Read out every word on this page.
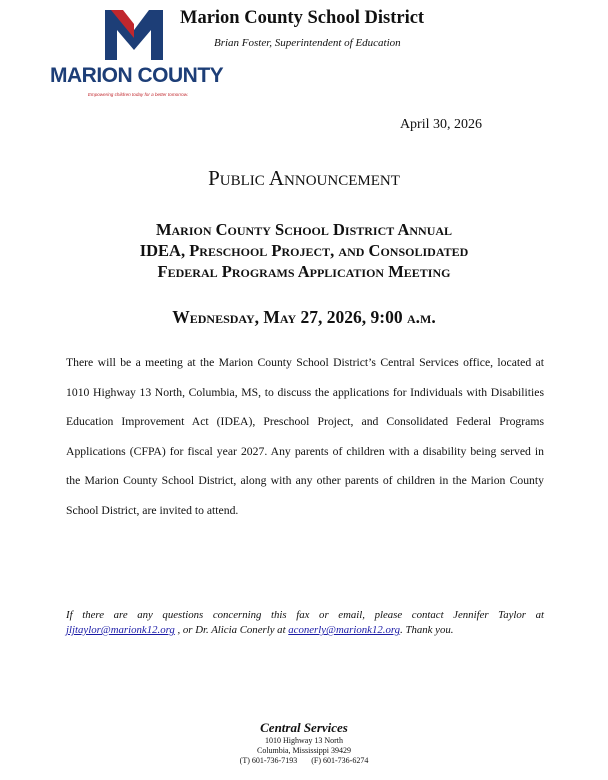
MARION COUNTY
Empowering children today for a better tomorrow.
Marion County School District
Brian Foster, Superintendent of Education
April 30, 2026
Public Announcement
Marion County School District Annual
IDEA, Preschool Project, and Consolidated
Federal Programs Application Meeting
Wednesday, May 27, 2026, 9:00 a.m.
There will be a meeting at the Marion County School District’s Central Services office, located at 1010 Highway 13 North, Columbia, MS, to discuss the applications for Individuals with Disabilities Education Improvement Act (IDEA), Preschool Project, and Consolidated Federal Programs Applications (CFPA) for fiscal year 2027. Any parents of children with a disability being served in the Marion County School District, along with any other parents of children in the Marion County School District, are invited to attend.
If there are any questions concerning this fax or email, please contact Jennifer Taylor at jljtaylor@marionk12.org , or Dr. Alicia Conerly at aconerly@marionk12.org. Thank you.
Central Services
1010 Highway 13 North
Columbia, Mississippi 39429
(T) 601-736-7193 (F) 601-736-6274
